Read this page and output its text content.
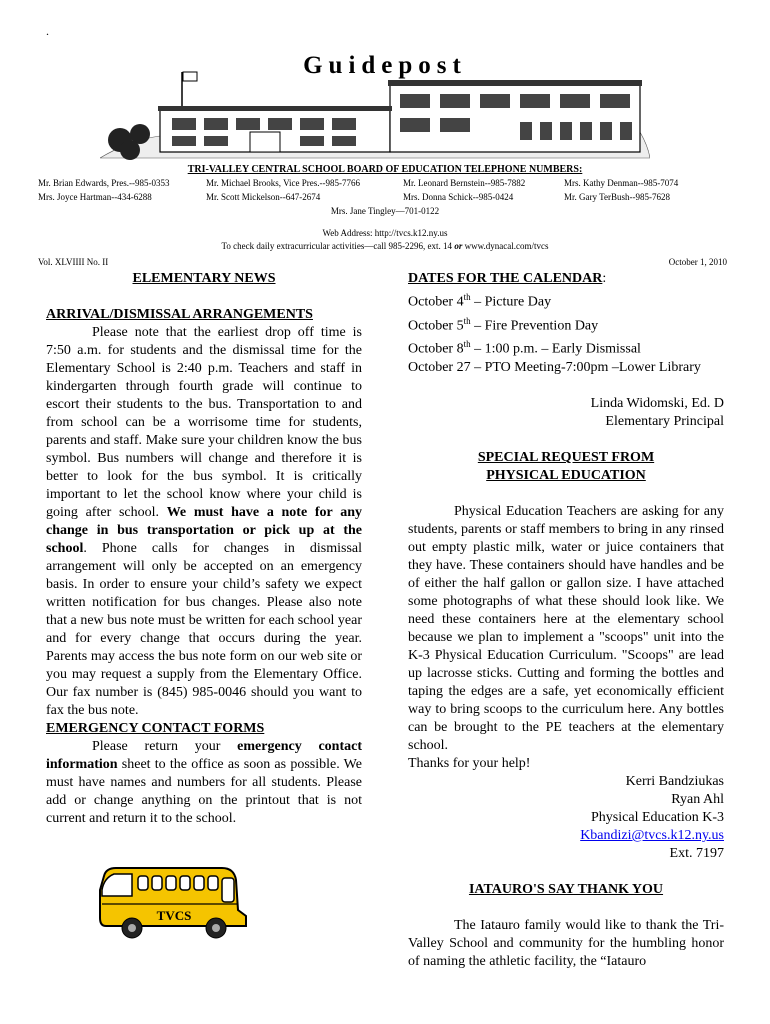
.
Guidepost
TRI-VALLEY CENTRAL SCHOOL BOARD OF EDUCATION TELEPHONE NUMBERS:
Mr. Brian Edwards, Pres.--985-0353	Mr. Michael Brooks, Vice Pres.--985-7766	Mr. Leonard Bernstein--985-7882	Mrs. Kathy Denman--985-7074
Mrs. Joyce Hartman--434-6288	Mr. Scott Mickelson--647-2674	Mrs. Donna Schick--985-0424	Mr. Gary TerBush--985-7628
Mrs. Jane Tingley—701-0122
Web Address: http://tvcs.k12.ny.us
To check daily extracurricular activities—call 985-2296, ext. 14 or www.dynacal.com/tvcs
Vol. XLVIIII No. II	October 1, 2010

ELEMENTARY NEWS

ARRIVAL/DISMISSAL ARRANGEMENTS

Please note that the earliest drop off time is 7:50 a.m. for students and the dismissal time for the Elementary School is 2:40 p.m. Teachers and staff in kindergarten through fourth grade will continue to escort their students to the bus. Transportation to and from school can be a worrisome time for students, parents and staff. Make sure your children know the bus symbol. Bus numbers will change and therefore it is better to look for the bus symbol. It is critically important to let the school know where your child is going after school. We must have a note for any change in bus transportation or pick up at the school. Phone calls for changes in dismissal arrangement will only be accepted on an emergency basis. In order to ensure your child’s safety we expect written notification for bus changes. Please also note that a new bus note must be written for each school year and for every change that occurs during the year. Parents may access the bus note form on our web site or you may request a supply from the Elementary Office. Our fax number is (845) 985-0046 should you want to fax the bus note.

EMERGENCY CONTACT FORMS

Please return your emergency contact information sheet to the office as soon as possible. We must have names and numbers for all students. Please add or change anything on the printout that is not current and return it to the school.

TVCS

DATES FOR THE CALENDAR:

October 4th – Picture Day

October 5th – Fire Prevention Day

October 8th – 1:00 p.m. – Early Dismissal

October 27 – PTO Meeting-7:00pm –Lower Library

Linda Widomski, Ed. D

Elementary Principal

SPECIAL REQUEST FROM

PHYSICAL EDUCATION

Physical Education Teachers are asking for any students, parents or staff members to bring in any rinsed out empty plastic milk, water or juice containers that they have. These containers should have handles and be of either the half gallon or gallon size. I have attached some photographs of what these should look like. We need these containers here at the elementary school because we plan to implement a "scoops" unit into the K-3 Physical Education Curriculum. "Scoops" are lead up lacrosse sticks. Cutting and forming the bottles and taping the edges are a safe, yet economically efficient way to bring scoops to the curriculum here. Any bottles can be brought to the PE teachers at the elementary school.

Thanks for your help!

Kerri Bandziukas

Ryan Ahl

Physical Education K-3

Kbandizi@tvcs.k12.ny.us

Ext. 7197

IATAURO'S SAY THANK YOU

The Iatauro family would like to thank the Tri-Valley School and community for the humbling honor of naming the athletic facility, the “Iatauro
